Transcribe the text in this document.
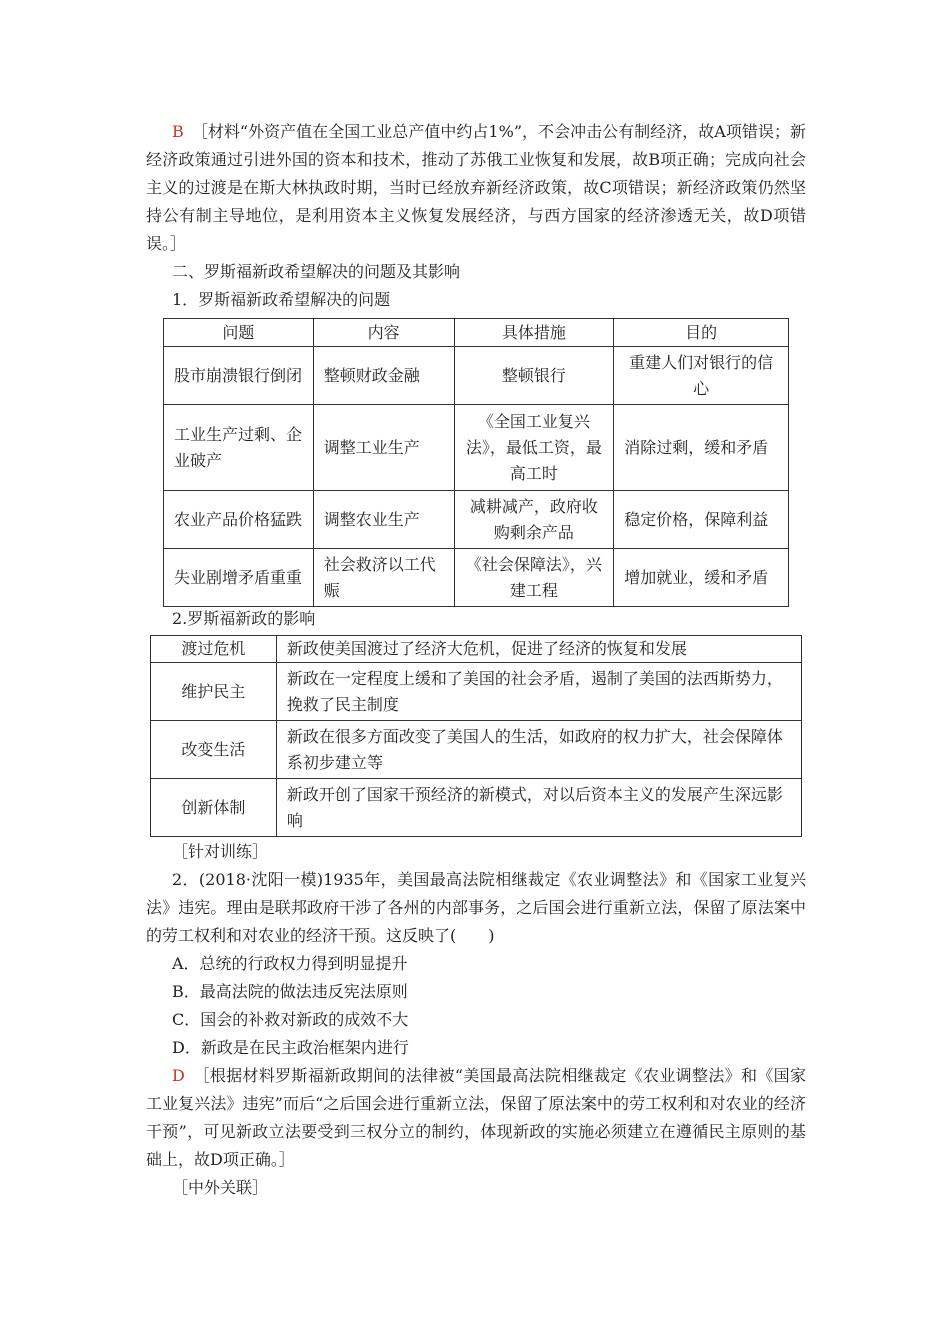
B　 ［材料“外资产值在全国工业总产值中约占1%”，不会冲击公有制经济，故A项错误；新经济政策通过引进外国的资本和技术，推动了苏俄工业恢复和发展，故B项正确；完成向社会主义的过渡是在斯大林执政时期，当时已经放弃新经济政策，故C项错误；新经济政策仍然坚持公有制主导地位，是利用资本主义恢复发展经济，与西方国家的经济渗透无关，故D项错误。］

二、罗斯福新政希望解决的问题及其影响

1．罗斯福新政希望解决的问题

问题	内容	具体措施	目的
股市崩溃银行倒闭	整顿财政金融	整顿银行	重建人们对银行的信心
工业生产过剩、企业破产	调整工业生产	《全国工业复兴法》，最低工资，最高工时	消除过剩，缓和矛盾
农业产品价格猛跌	调整农业生产	减耕减产，政府收购剩余产品	稳定价格，保障利益
失业剧增矛盾重重	社会救济以工代赈	《社会保障法》，兴建工程	增加就业，缓和矛盾

2.罗斯福新政的影响

渡过危机	新政使美国渡过了经济大危机，促进了经济的恢复和发展
维护民主	新政在一定程度上缓和了美国的社会矛盾，遏制了美国的法西斯势力，挽救了民主制度
改变生活	新政在很多方面改变了美国人的生活，如政府的权力扩大，社会保障体系初步建立等
创新体制	新政开创了国家干预经济的新模式，对以后资本主义的发展产生深远影响

［针对训练］

2．(2018·沈阳一模)1935年，美国最高法院相继裁定《农业调整法》和《国家工业复兴法》违宪。理由是联邦政府干涉了各州的内部事务，之后国会进行重新立法，保留了原法案中的劳工权利和对农业的经济干预。这反映了(　　)

A．总统的行政权力得到明显提升

B．最高法院的做法违反宪法原则

C．国会的补救对新政的成效不大

D．新政是在民主政治框架内进行

D　 ［根据材料罗斯福新政期间的法律被“美国最高法院相继裁定《农业调整法》和《国家工业复兴法》违宪”而后“之后国会进行重新立法，保留了原法案中的劳工权利和对农业的经济干预”，可见新政立法要受到三权分立的制约，体现新政的实施必须建立在遵循民主原则的基础上，故D项正确。］

［中外关联］
